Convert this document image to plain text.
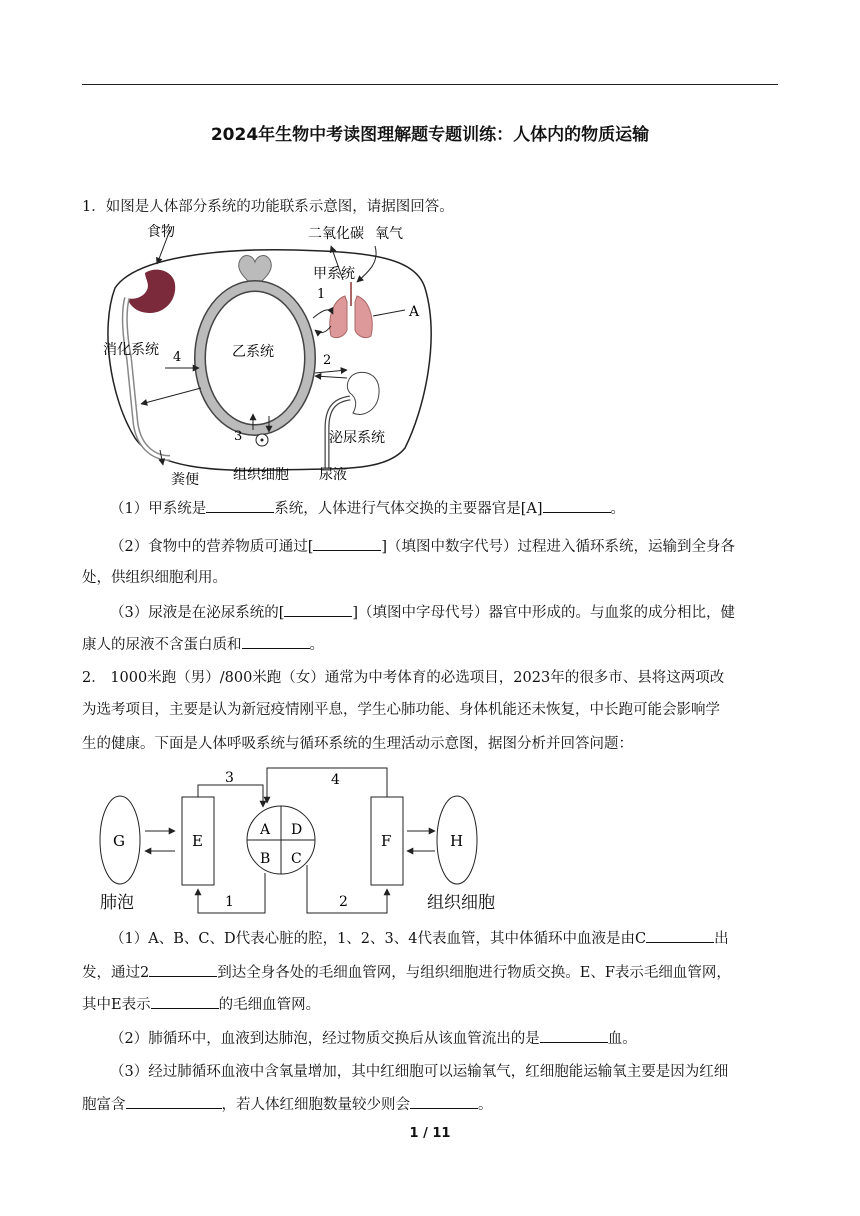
2024年生物中考读图理解题专题训练：人体内的物质运输
1．如图是人体部分系统的功能联系示意图，请据图回答。
食物	二氧化碳 氧气
甲系统
乙系统
消化系统
泌尿系统
粪便 组织细胞 尿液
A
1
2
3
4
（1）甲系统是	系统，人体进行气体交换的主要器官是[A]	。
（2）食物中的营养物质可通过[	]（填图中数字代号）过程进入循环系统，运输到全身各
处，供组织细胞利用。
（3）尿液是在泌尿系统的[	]（填图中字母代号）器官中形成的。与血浆的成分相比，健
康人的尿液不含蛋白质和	。
2． 1000米跑（男）/800米跑（女）通常为中考体育的必选项目，2023年的很多市、县将这两项改
为选考项目，主要是认为新冠疫情刚平息，学生心肺功能、身体机能还未恢复，中长跑可能会影响学
生的健康。下面是人体呼吸系统与循环系统的生理活动示意图，据图分析并回答问题：
G	E
A D
B C
F	H
3	4
1	2
肺泡	组织细胞
（1）A、B、C、D代表心脏的腔，1、2、3、4代表血管，其中体循环中血液是由C	出
发，通过2	到达全身各处的毛细血管网，与组织细胞进行物质交换。E、F表示毛细血管网，
其中E表示	的毛细血管网。
（2）肺循环中，血液到达肺泡，经过物质交换后从该血管流出的是	血。
（3）经过肺循环血液中含氧量增加，其中红细胞可以运输氧气，红细胞能运输氧主要是因为红细
胞富含	，若人体红细胞数量较少则会	。
1 / 11
